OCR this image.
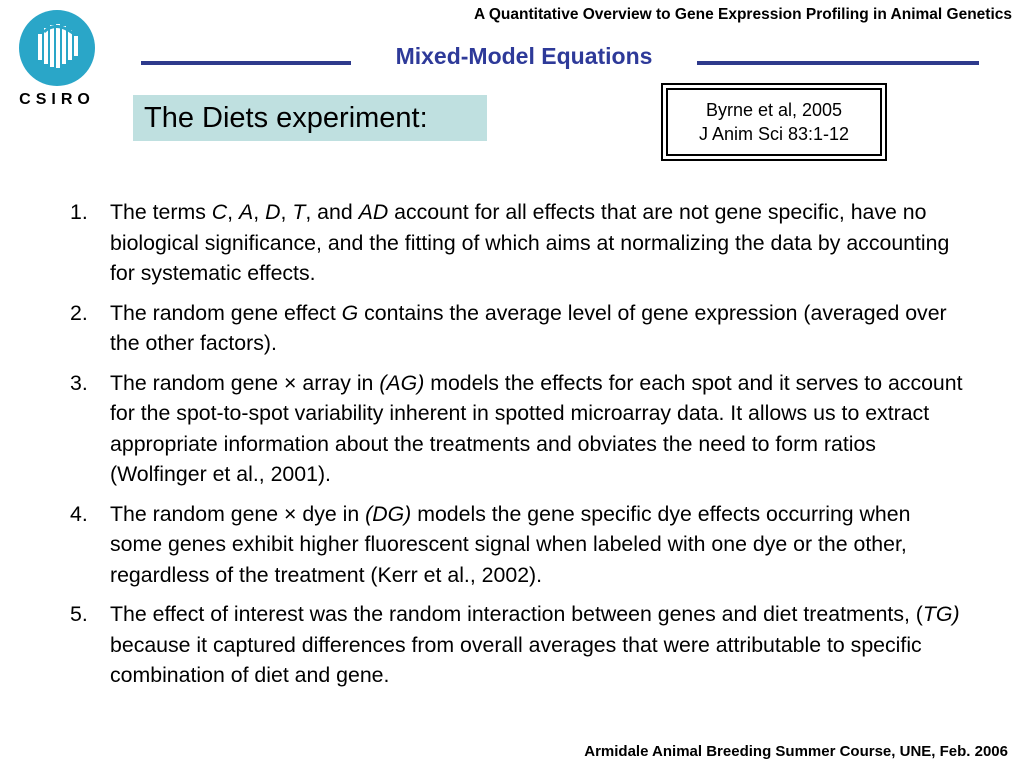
A Quantitative Overview to Gene Expression Profiling in Animal Genetics
CSIRO
Mixed-Model Equations
The Diets experiment:	Byrne et al, 2005
J Anim Sci 83:1-12
1. The terms C, A, D, T, and AD account for all effects that are not gene specific, have no biological significance, and the fitting of which aims at normalizing the data by accounting for systematic effects.
2. The random gene effect G contains the average level of gene expression (averaged over the other factors).
3. The random gene × array in (AG) models the effects for each spot and it serves to account for the spot-to-spot variability inherent in spotted microarray data. It allows us to extract appropriate information about the treatments and obviates the need to form ratios (Wolfinger et al., 2001).
4. The random gene × dye in (DG) models the gene specific dye effects occurring when some genes exhibit higher fluorescent signal when labeled with one dye or the other, regardless of the treatment (Kerr et al., 2002).
5. The effect of interest was the random interaction between genes and diet treatments, (TG) because it captured differences from overall averages that were attributable to specific combination of diet and gene.
Armidale Animal Breeding Summer Course, UNE, Feb. 2006
